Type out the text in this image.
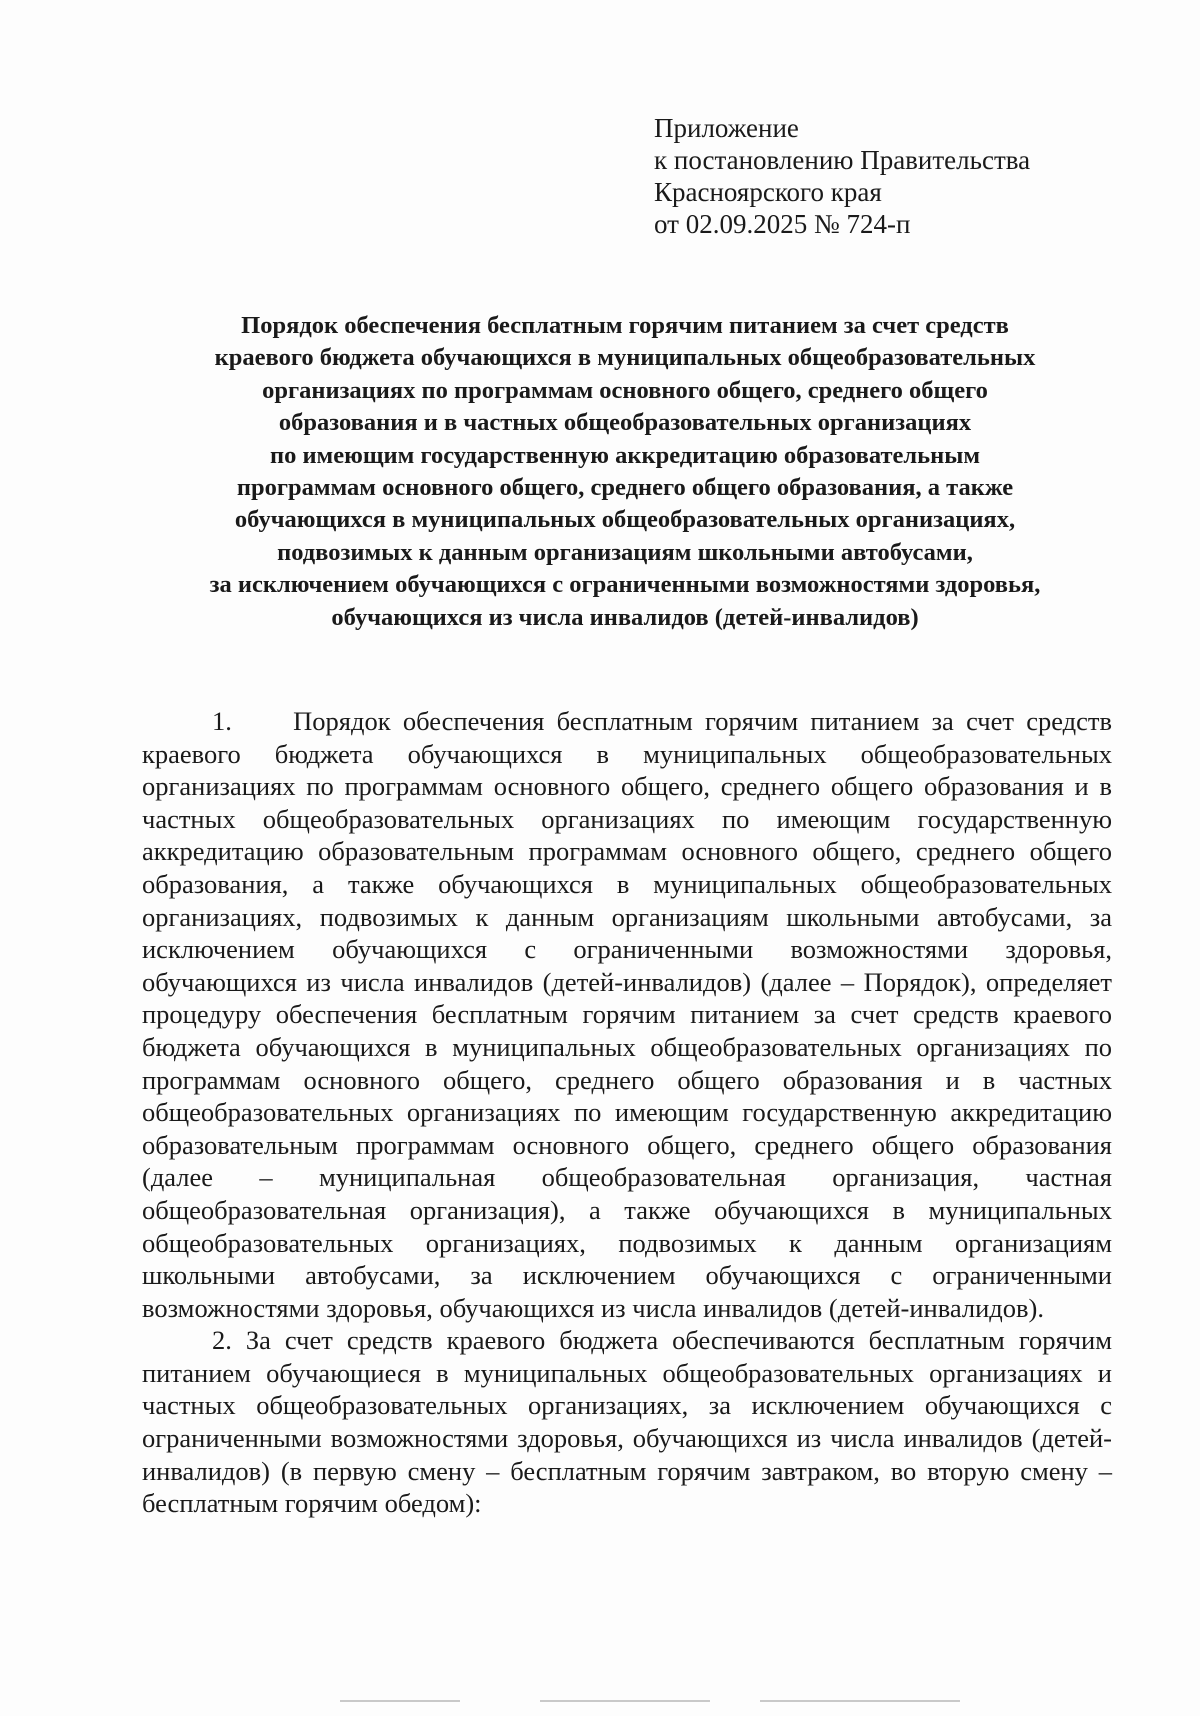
Приложение
к постановлению Правительства
Красноярского края
от 02.09.2025 № 724-п
Порядок обеспечения бесплатным горячим питанием за счет средств
краевого бюджета обучающихся в муниципальных общеобразовательных
организациях по программам основного общего, среднего общего
образования и в частных общеобразовательных организациях
по имеющим государственную аккредитацию образовательным
программам основного общего, среднего общего образования, а также
обучающихся в муниципальных общеобразовательных организациях,
подвозимых к данным организациям школьными автобусами,
за исключением обучающихся с ограниченными возможностями здоровья,
обучающихся из числа инвалидов (детей-инвалидов)

1.     Порядок обеспечения бесплатным горячим питанием за счет средств краевого бюджета обучающихся в муниципальных общеобразовательных организациях по программам основного общего, среднего общего образования и в частных общеобразовательных организациях по имеющим государственную аккредитацию образовательным программам основного общего, среднего общего образования, а также обучающихся в муниципальных общеобразовательных организациях, подвозимых к данным организациям школьными автобусами, за исключением обучающихся с ограниченными возможностями здоровья, обучающихся из числа инвалидов (детей-инвалидов) (далее – Порядок), определяет процедуру обеспечения бесплатным горячим питанием за счет средств краевого бюджета обучающихся в муниципальных общеобразовательных организациях по программам основного общего, среднего общего образования и в частных общеобразовательных организациях по имеющим государственную аккредитацию образовательным программам основного общего, среднего общего образования (далее – муниципальная общеобразовательная организация, частная общеобразовательная организация), а также обучающихся в муниципальных общеобразовательных организациях, подвозимых к данным организациям школьными автобусами, за исключением обучающихся с ограниченными возможностями здоровья, обучающихся из числа инвалидов (детей-инвалидов).

2. За счет средств краевого бюджета обеспечиваются бесплатным горячим питанием обучающиеся в муниципальных общеобразовательных организациях и частных общеобразовательных организациях, за исключением обучающихся с ограниченными возможностями здоровья, обучающихся из числа инвалидов (детей-инвалидов) (в первую смену – бесплатным горячим завтраком, во вторую смену – бесплатным горячим обедом):
